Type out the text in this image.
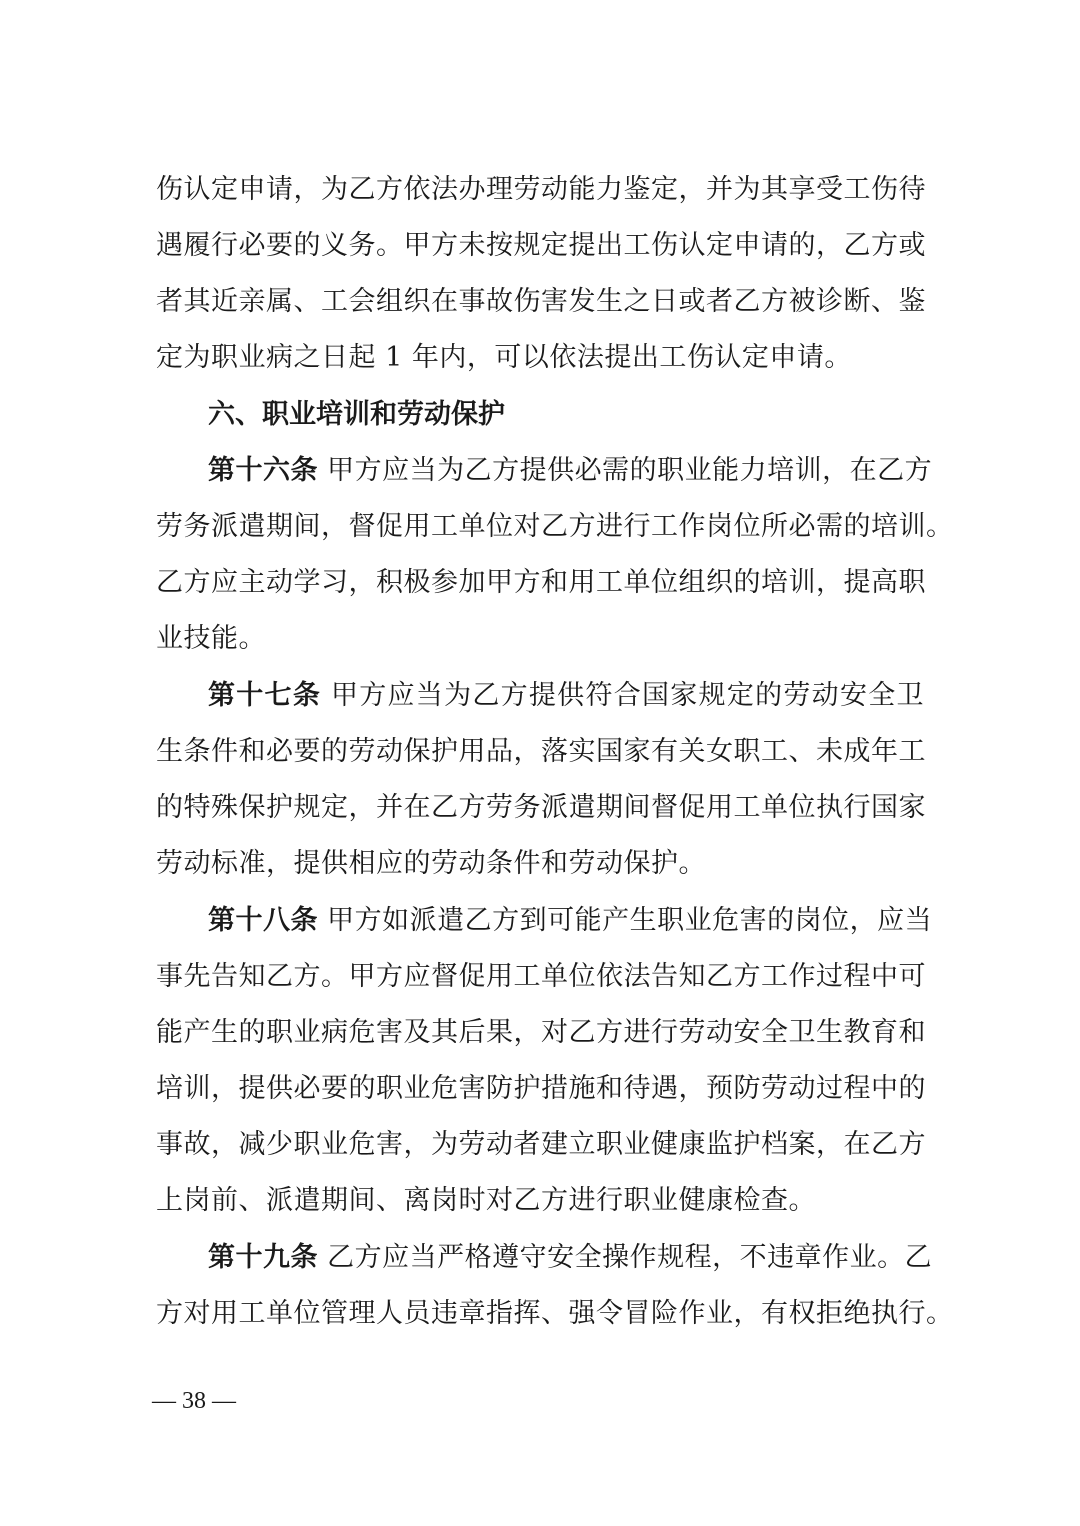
伤认定申请，为乙方依法办理劳动能力鉴定，并为其享受工伤待
遇履行必要的义务。甲方未按规定提出工伤认定申请的，乙方或
者其近亲属、工会组织在事故伤害发生之日或者乙方被诊断、鉴
定为职业病之日起 1 年内，可以依法提出工伤认定申请。
六、职业培训和劳动保护
第十六条 甲方应当为乙方提供必需的职业能力培训，在乙方
劳务派遣期间，督促用工单位对乙方进行工作岗位所必需的培训。
乙方应主动学习，积极参加甲方和用工单位组织的培训，提高职
业技能。
第十七条 甲方应当为乙方提供符合国家规定的劳动安全卫
生条件和必要的劳动保护用品，落实国家有关女职工、未成年工
的特殊保护规定，并在乙方劳务派遣期间督促用工单位执行国家
劳动标准，提供相应的劳动条件和劳动保护。
第十八条 甲方如派遣乙方到可能产生职业危害的岗位，应当
事先告知乙方。甲方应督促用工单位依法告知乙方工作过程中可
能产生的职业病危害及其后果，对乙方进行劳动安全卫生教育和
培训，提供必要的职业危害防护措施和待遇，预防劳动过程中的
事故，减少职业危害，为劳动者建立职业健康监护档案，在乙方
上岗前、派遣期间、离岗时对乙方进行职业健康检查。
第十九条 乙方应当严格遵守安全操作规程，不违章作业。乙
方对用工单位管理人员违章指挥、强令冒险作业，有权拒绝执行。
— 38 —
